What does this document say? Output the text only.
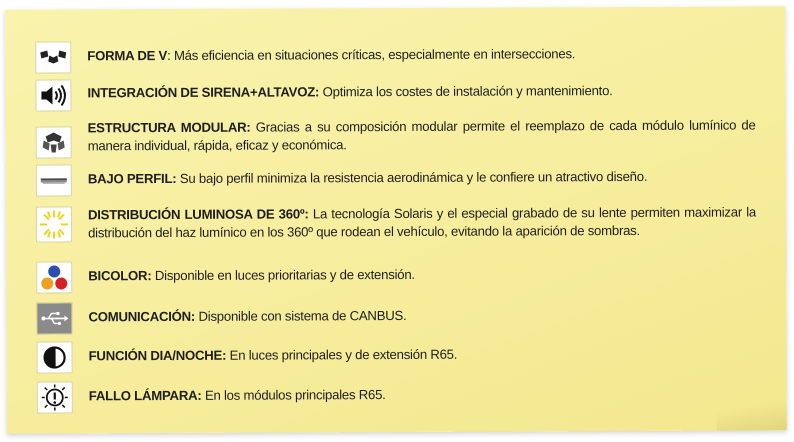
FORMA DE V: Más eficiencia en situaciones críticas, especialmente en intersecciones.
INTEGRACIÓN DE SIRENA+ALTAVOZ: Optimiza los costes de instalación y mantenimiento.
ESTRUCTURA MODULAR: Gracias a su composición modular permite el reemplazo de cada módulo lumínico de manera individual, rápida, eficaz y económica.
BAJO PERFIL: Su bajo perfil minimiza la resistencia aerodinámica y le confiere un atractivo diseño.
DISTRIBUCIÓN LUMINOSA DE 360º: La tecnología Solaris y el especial grabado de su lente permiten maximizar la distribución del haz lumínico en los 360º que rodean el vehículo, evitando la aparición de sombras.
BICOLOR: Disponible en luces prioritarias y de extensión.
COMUNICACIÓN: Disponible con sistema de CANBUS.
FUNCIÓN DIA/NOCHE: En luces principales y de extensión R65.
FALLO LÁMPARA: En los módulos principales R65.
